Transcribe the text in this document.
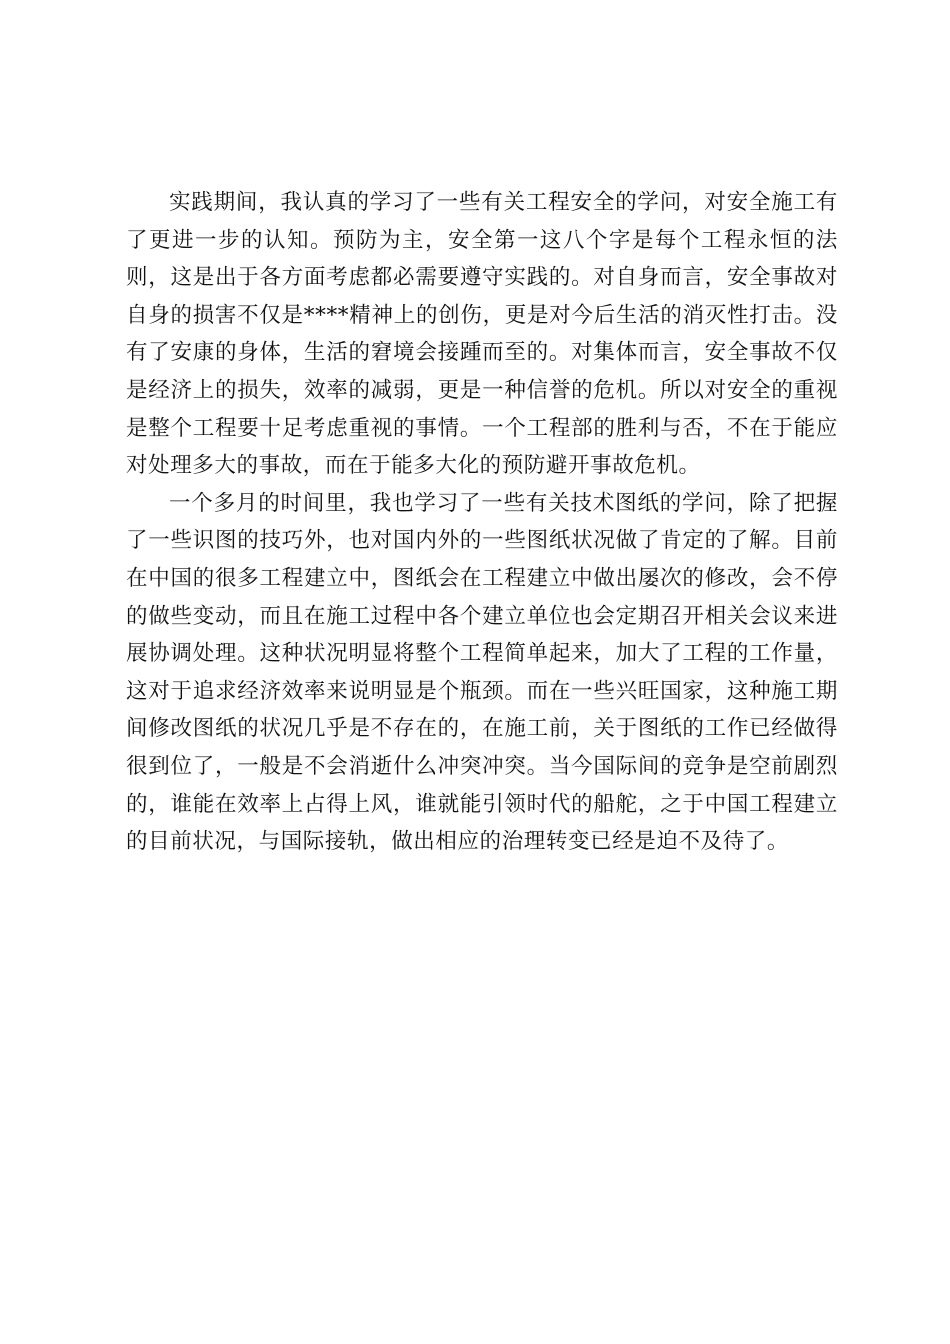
实践期间，我认真的学习了一些有关工程安全的学问，对安全施工有了更进一步的认知。预防为主，安全第一这八个字是每个工程永恒的法则，这是出于各方面考虑都必需要遵守实践的。对自身而言，安全事故对自身的损害不仅是****精神上的创伤，更是对今后生活的消灭性打击。没有了安康的身体，生活的窘境会接踵而至的。对集体而言，安全事故不仅是经济上的损失，效率的减弱，更是一种信誉的危机。所以对安全的重视是整个工程要十足考虑重视的事情。一个工程部的胜利与否，不在于能应对处理多大的事故，而在于能多大化的预防避开事故危机。

一个多月的时间里，我也学习了一些有关技术图纸的学问，除了把握了一些识图的技巧外，也对国内外的一些图纸状况做了肯定的了解。目前在中国的很多工程建立中，图纸会在工程建立中做出屡次的修改，会不停的做些变动，而且在施工过程中各个建立单位也会定期召开相关会议来进展协调处理。这种状况明显将整个工程简单起来，加大了工程的工作量，这对于追求经济效率来说明显是个瓶颈。而在一些兴旺国家，这种施工期间修改图纸的状况几乎是不存在的，在施工前，关于图纸的工作已经做得很到位了，一般是不会消逝什么冲突冲突。当今国际间的竞争是空前剧烈的，谁能在效率上占得上风，谁就能引领时代的船舵，之于中国工程建立的目前状况，与国际接轨，做出相应的治理转变已经是迫不及待了。
